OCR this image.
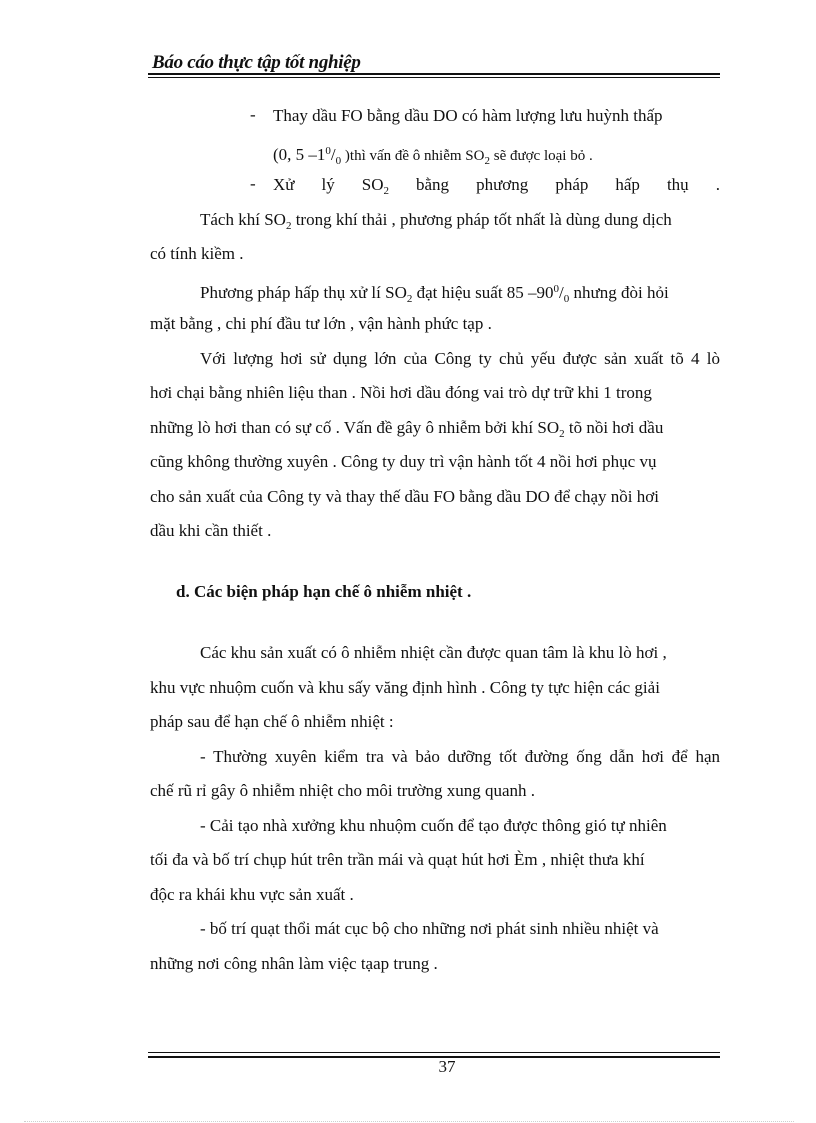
Báo cáo thực tập tốt nghiệp
- Thay dầu FO bằng dầu DO có hàm lượng lưu huỳnh thấp
(0, 5 $-1^0/_0$ )thì vấn đề ô nhiễm $SO_2$ sẽ được loại bỏ .
- Xử lý $SO_2$ bằng phương pháp hấp thụ .
Tách khí $SO_2$ trong khí thải , phương pháp tốt nhất là dùng dung dịch
có tính kiềm .
Phương pháp hấp thụ xử lí $SO_2$ đạt hiệu suất 85 $-90^0/_0$ nhưng đòi hỏi
mặt bằng , chi phí đầu tư lớn , vận hành phức tạp .
Với lượng hơi sử dụng lớn của Công ty chủ yếu được sản xuất tõ 4 lò
hơi chại bằng nhiên liệu than . Nồi hơi dầu đóng vai trò dự trữ khi 1 trong
những lò hơi than có sự cố . Vấn đề gây ô nhiễm bởi khí $SO_2$ tõ nồi hơi dầu
cũng không thường xuyên . Công ty duy trì vận hành tốt 4 nồi hơi phục vụ
cho sản xuất của Công ty và thay thế dầu FO bằng dầu DO để chạy nồi hơi
dầu khi cần thiết .
d. Các biện pháp hạn chế ô nhiễm nhiệt .
Các khu sản xuất có ô nhiễm nhiệt cần được quan tâm là khu lò hơi ,
khu vực nhuộm cuốn và khu sấy văng định hình . Công ty tực hiện các giải
pháp sau để hạn chế ô nhiễm nhiệt :
- Thường xuyên kiểm tra và bảo dưỡng tốt đường ống dẫn hơi để hạn
chế rũ rỉ gây ô nhiễm nhiệt cho môi trường xung quanh .
- Cải tạo nhà xưởng khu nhuộm cuốn để tạo được thông gió tự nhiên
tối đa và bố trí chụp hút trên trần mái và quạt hút hơi Èm , nhiệt thưa khí
độc ra khái khu vực sản xuất .
- bố trí quạt thổi mát cục bộ cho những nơi phát sinh nhiều nhiệt và
những nơi công nhân làm việc tạap trung .
37
